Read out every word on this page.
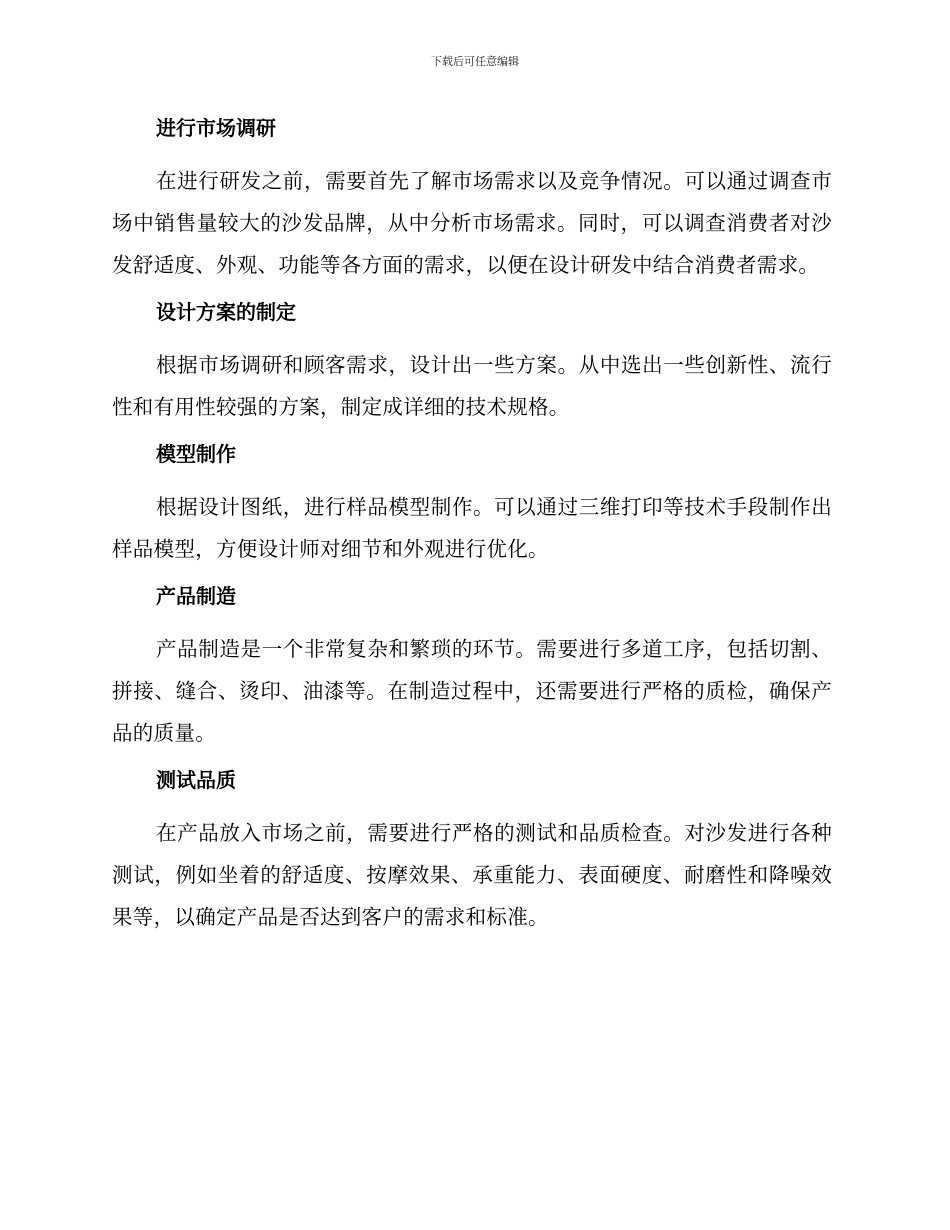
下载后可任意编辑
进行市场调研

在进行研发之前，需要首先了解市场需求以及竞争情况。可以通过调查市场中销售量较大的沙发品牌，从中分析市场需求。同时，可以调查消费者对沙发舒适度、外观、功能等各方面的需求，以便在设计研发中结合消费者需求。

设计方案的制定

根据市场调研和顾客需求，设计出一些方案。从中选出一些创新性、流行性和有用性较强的方案，制定成详细的技术规格。

模型制作

根据设计图纸，进行样品模型制作。可以通过三维打印等技术手段制作出样品模型，方便设计师对细节和外观进行优化。

产品制造

产品制造是一个非常复杂和繁琐的环节。需要进行多道工序，包括切割、拼接、缝合、烫印、油漆等。在制造过程中，还需要进行严格的质检，确保产品的质量。

测试品质

在产品放入市场之前，需要进行严格的测试和品质检查。对沙发进行各种测试，例如坐着的舒适度、按摩效果、承重能力、表面硬度、耐磨性和降噪效果等，以确定产品是否达到客户的需求和标准。
